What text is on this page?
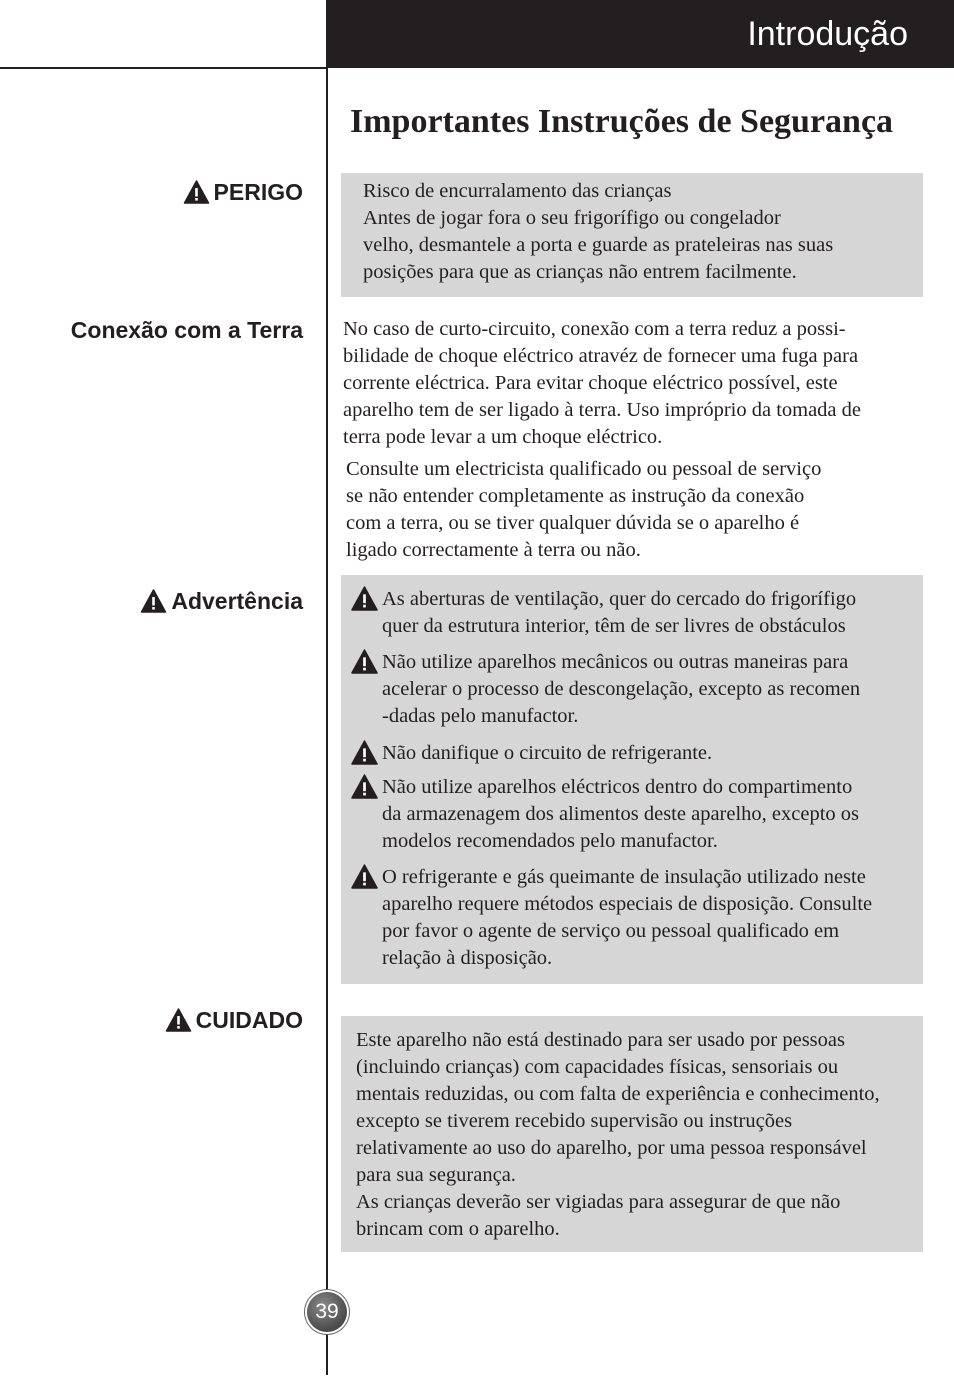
Introdução
Importantes Instruções de Segurança
PERIGO	Risco de encurralamento das crianças
Antes de jogar fora o seu frigorífigo ou congelador
velho, desmantele a porta e guarde as prateleiras nas suas
posições para que as crianças não entrem facilmente.
Conexão com a Terra No caso de curto-circuito, conexão com a terra reduz a possi-
bilidade de choque eléctrico atravéz de fornecer uma fuga para
corrente eléctrica. Para evitar choque eléctrico possível, este
aparelho tem de ser ligado à terra. Uso impróprio da tomada de
terra pode levar a um choque eléctrico.
Consulte um electricista qualificado ou pessoal de serviço
se não entender completamente as instrução da conexão
com a terra, ou se tiver qualquer dúvida se o aparelho é
ligado correctamente à terra ou não.
Advertência	As aberturas de ventilação, quer do cercado do frigorífigo
quer da estrutura interior, têm de ser livres de obstáculos
Não utilize aparelhos mecânicos ou outras maneiras para
acelerar o processo de descongelação, excepto as recomen
-dadas pelo manufactor.
Não danifique o circuito de refrigerante.
Não utilize aparelhos eléctricos dentro do compartimento
da armazenagem dos alimentos deste aparelho, excepto os
modelos recomendados pelo manufactor.
O refrigerante e gás queimante de insulação utilizado neste
aparelho requere métodos especiais de disposição. Consulte
por favor o agente de serviço ou pessoal qualificado em
relação à disposição.
CUIDADO
Este aparelho não está destinado para ser usado por pessoas
(incluindo crianças) com capacidades físicas, sensoriais ou
mentais reduzidas, ou com falta de experiência e conhecimento,
excepto se tiverem recebido supervisão ou instruções
relativamente ao uso do aparelho, por uma pessoa responsável
para sua segurança.
As crianças deverão ser vigiadas para assegurar de que não
brincam com o aparelho.
39
